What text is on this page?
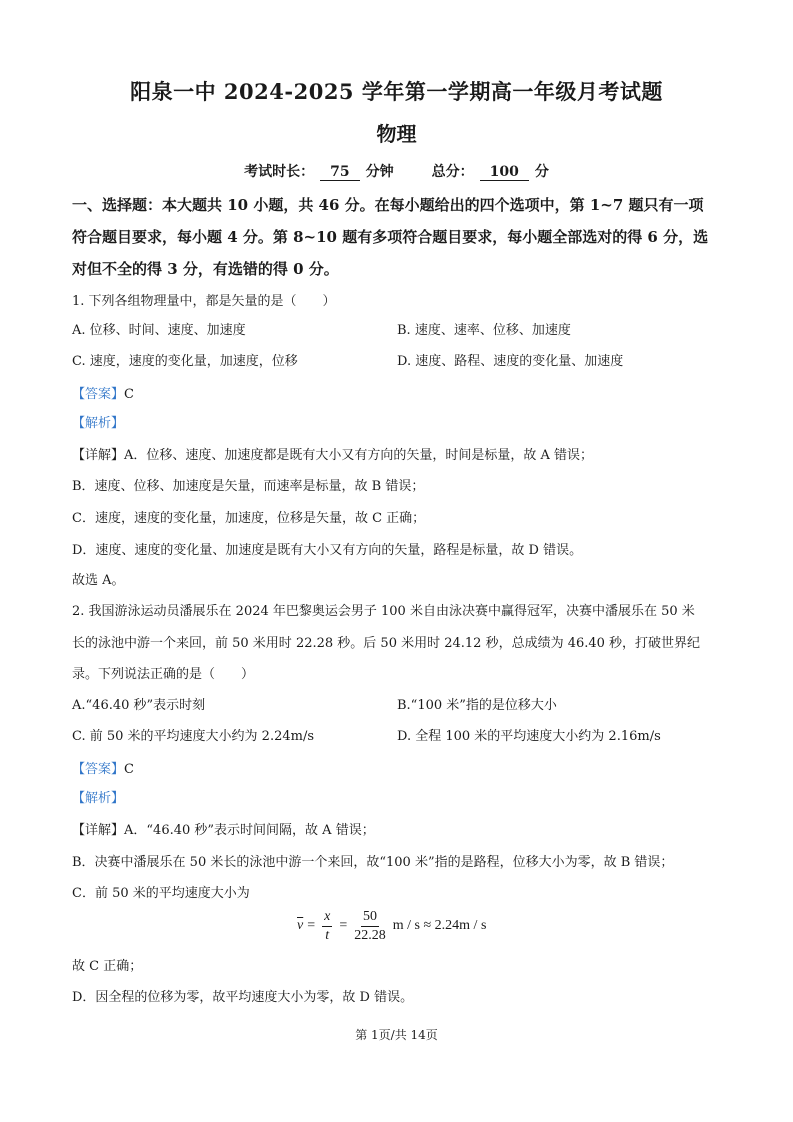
阳泉一中 2024-2025 学年第一学期高一年级月考试题
物理
考试时长： 75 分钟	总分： 100 分
一、选择题：本大题共 10 小题，共 46 分。在每小题给出的四个选项中，第 1~7 题只有一项
符合题目要求，每小题 4 分。第 8~10 题有多项符合题目要求，每小题全部选对的得 6 分，选
对但不全的得 3 分，有选错的得 0 分。
1. 下列各组物理量中，都是矢量的是（　　）
A. 位移、时间、速度、加速度	B. 速度、速率、位移、加速度
C. 速度，速度的变化量，加速度，位移	D. 速度、路程、速度的变化量、加速度
【答案】C
【解析】
【详解】A．位移、速度、加速度都是既有大小又有方向的矢量，时间是标量，故 A 错误；
B．速度、位移、加速度是矢量，而速率是标量，故 B 错误；
C．速度，速度的变化量，加速度，位移是矢量，故 C 正确；
D．速度、速度的变化量、加速度是既有大小又有方向的矢量，路程是标量，故 D 错误。
故选 A。
2. 我国游泳运动员潘展乐在 2024 年巴黎奥运会男子 100 米自由泳决赛中赢得冠军，决赛中潘展乐在 50 米
长的泳池中游一个来回，前 50 米用时 22.28 秒。后 50 米用时 24.12 秒，总成绩为 46.40 秒，打破世界纪
录。下列说法正确的是（　　）
A.“46.40 秒”表示时刻	B.“100 米”指的是位移大小
C. 前 50 米的平均速度大小约为 2.24m/s	D. 全程 100 米的平均速度大小约为 2.16m/s
【答案】C
【解析】
【详解】A．“46.40 秒”表示时间间隔，故 A 错误；
B．决赛中潘展乐在 50 米长的泳池中游一个来回，故“100 米”指的是路程，位移大小为零，故 B 错误；
C．前 50 米的平均速度大小为
$\overline{v} = \frac{x}{t} = \frac{50}{22.28}$ m / s ≈ 2.24m / s
故 C 正确；
D．因全程的位移为零，故平均速度大小为零，故 D 错误。
第 1页/共 14页
